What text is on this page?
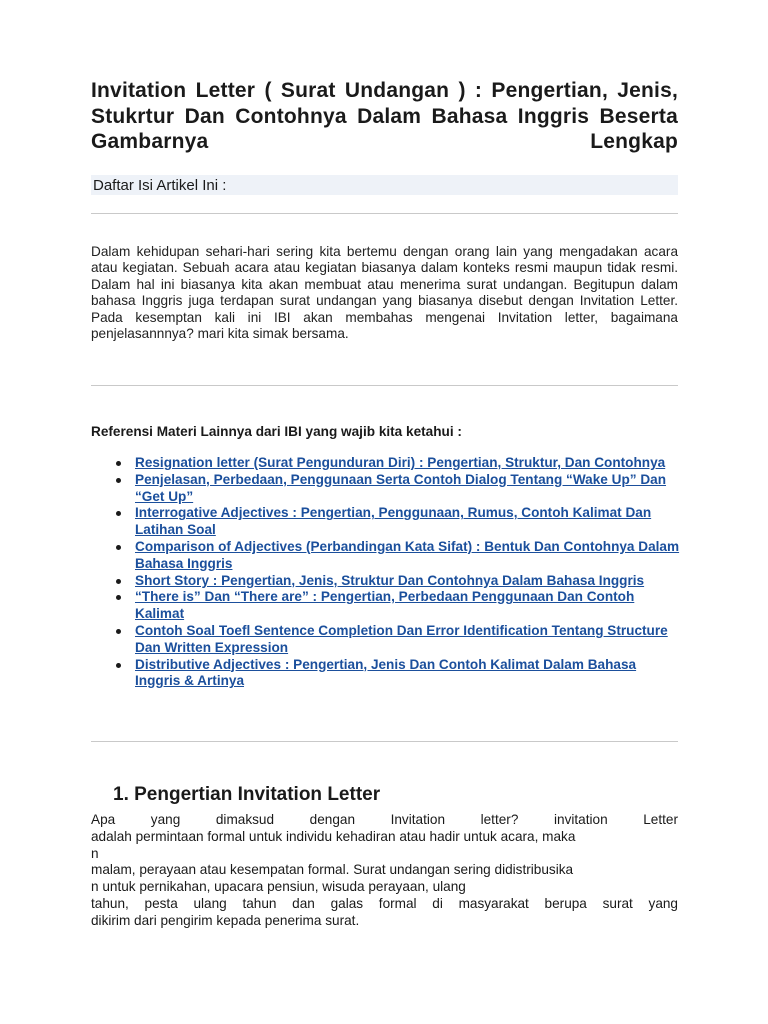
Invitation Letter ( Surat Undangan ) : Pengertian, Jenis, Stukrtur Dan Contohnya Dalam Bahasa Inggris Beserta Gambarnya Lengkap
Daftar Isi Artikel Ini :
Dalam kehidupan sehari-hari sering kita bertemu dengan orang lain yang mengadakan acara atau kegiatan. Sebuah acara atau kegiatan biasanya dalam konteks resmi maupun tidak resmi. Dalam hal ini biasanya kita akan membuat atau menerima surat undangan. Begitupun dalam bahasa Inggris juga terdapan surat undangan yang biasanya disebut dengan Invitation Letter. Pada kesemptan kali ini IBI akan membahas mengenai Invitation letter, bagaimana penjelasannnya? mari kita simak bersama.
Referensi Materi Lainnya dari IBI yang wajib kita ketahui :
Resignation letter (Surat Pengunduran Diri) : Pengertian, Struktur, Dan Contohnya
Penjelasan, Perbedaan, Penggunaan Serta Contoh Dialog Tentang “Wake Up” Dan “Get Up”
Interrogative Adjectives : Pengertian, Penggunaan, Rumus, Contoh Kalimat Dan Latihan Soal
Comparison of Adjectives (Perbandingan Kata Sifat) : Bentuk Dan Contohnya Dalam Bahasa Inggris
Short Story : Pengertian, Jenis, Struktur Dan Contohnya Dalam Bahasa Inggris
“There is” Dan “There are” : Pengertian, Perbedaan Penggunaan Dan Contoh Kalimat
Contoh Soal Toefl Sentence Completion Dan Error Identification Tentang Structure Dan Written Expression
Distributive Adjectives : Pengertian, Jenis Dan Contoh Kalimat Dalam Bahasa Inggris & Artinya
1. Pengertian Invitation Letter
Apa yang dimaksud dengan Invitation letter? invitation Letter
adalah permintaan formal untuk individu kehadiran atau hadir untuk acara, maka
n
malam, perayaan atau kesempatan formal. Surat undangan sering didistribusika
n untuk pernikahan, upacara pensiun, wisuda perayaan, ulang
tahun, pesta ulang tahun dan galas formal di masyarakat berupa surat yang
dikirim dari pengirim kepada penerima surat.
